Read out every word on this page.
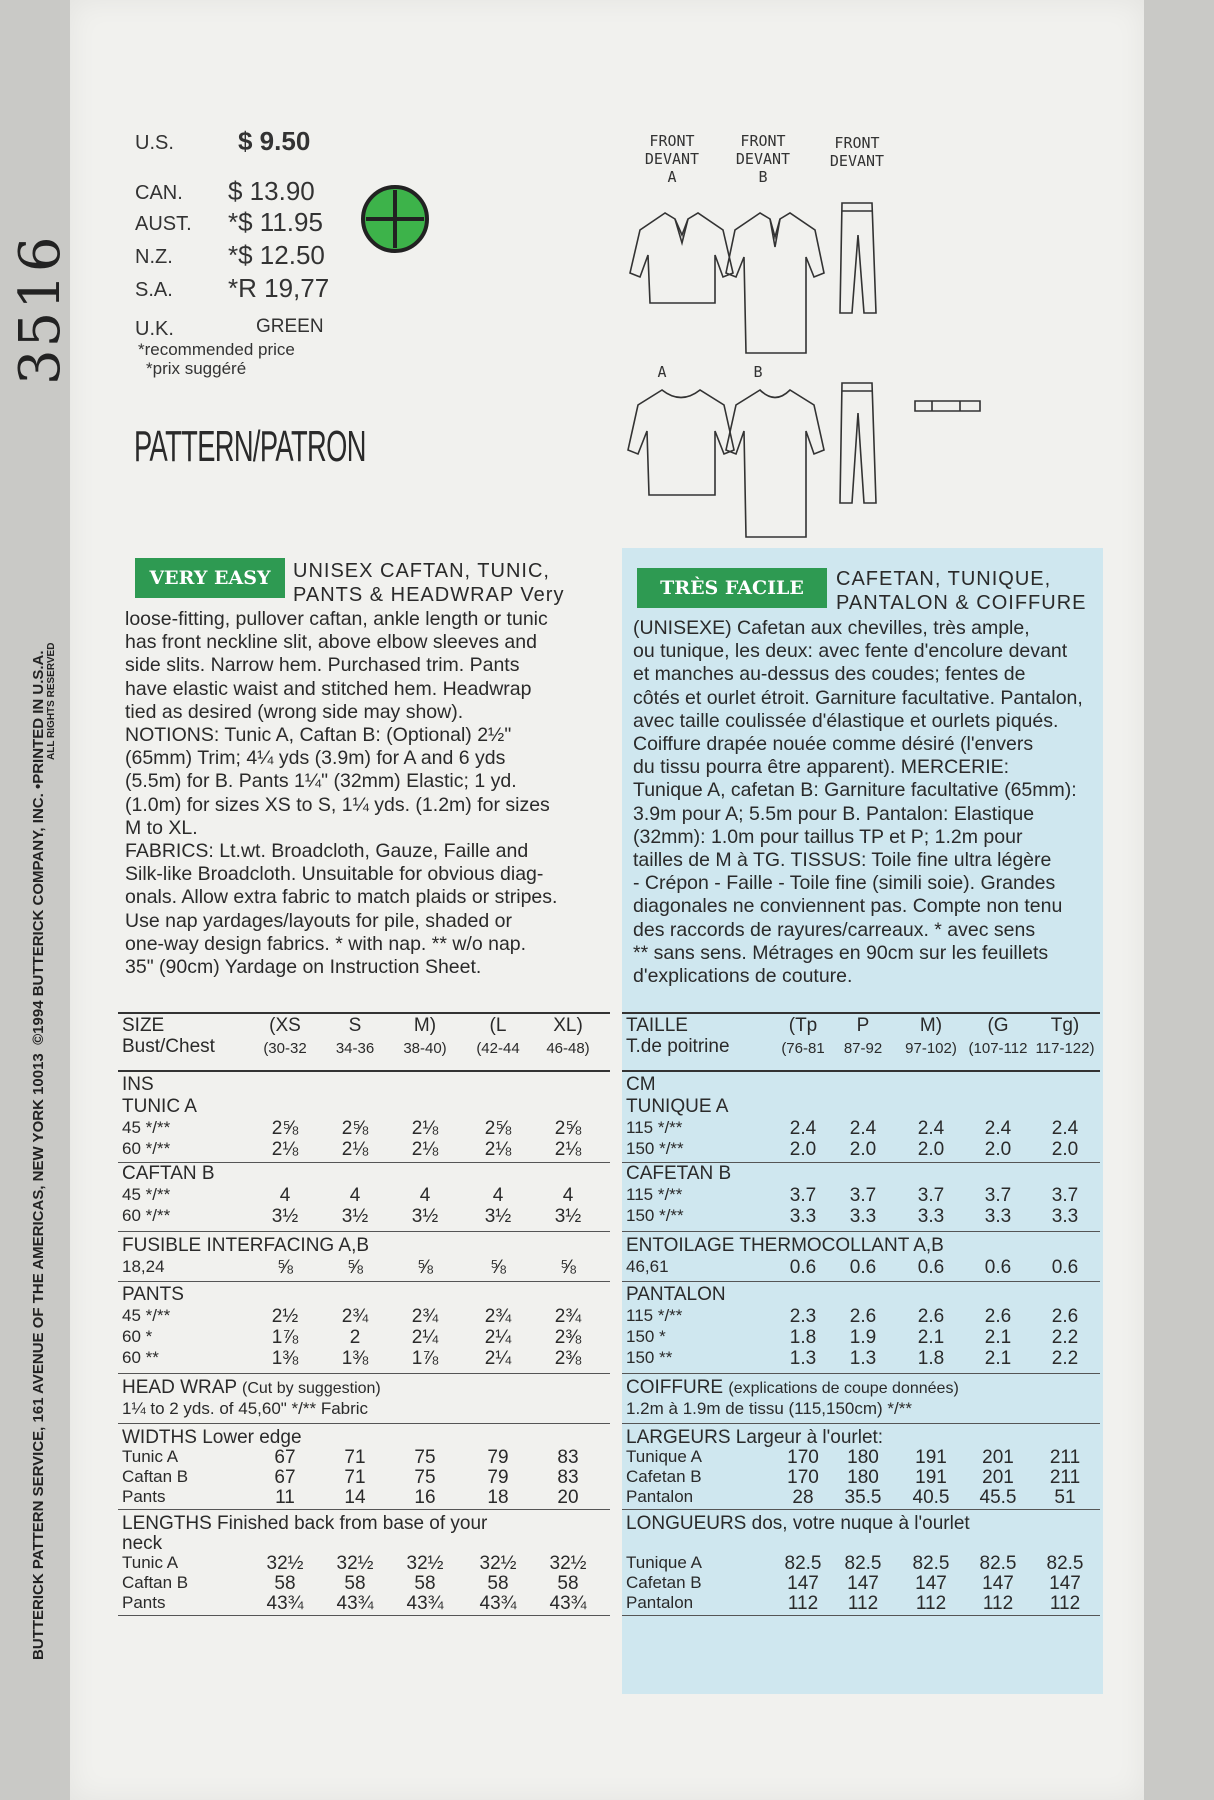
3516
BUTTERICK PATTERN SERVICE, 161 AVENUE OF THE AMERICAS, NEW YORK 10013  ©1994 BUTTERICK COMPANY, INC. •PRINTED IN U.S.A. ALL RIGHTS RESERVED
U.S. $ 9.50
CAN. $ 13.90
AUST. *$ 11.95
N.Z. *$ 12.50
S.A. *R 19,77
U.K.	GREEN
*recommended price
*prix suggéré
PATTERN/PATRON
FRONT
DEVANT
A
FRONT
DEVANT
B
FRONT
DEVANT
A	B
VERY EASY	UNISEX CAFTAN, TUNIC,
PANTS & HEADWRAP Very
loose-fitting, pullover caftan, ankle length or tunic
has front neckline slit, above elbow sleeves and
side slits. Narrow hem. Purchased trim. Pants
have elastic waist and stitched hem. Headwrap
tied as desired (wrong side may show).
NOTIONS: Tunic A, Caftan B: (Optional) 2½"
(65mm) Trim; 4¼ yds (3.9m) for A and 6 yds
(5.5m) for B. Pants 1¼" (32mm) Elastic; 1 yd.
(1.0m) for sizes XS to S, 1¼ yds. (1.2m) for sizes
M to XL.
FABRICS: Lt.wt. Broadcloth, Gauze, Faille and
Silk-like Broadcloth. Unsuitable for obvious diag-
onals. Allow extra fabric to match plaids or stripes.
Use nap yardages/layouts for pile, shaded or
one-way design fabrics. * with nap. ** w/o nap.
35" (90cm) Yardage on Instruction Sheet.
TRÈS FACILE	CAFETAN, TUNIQUE,
PANTALON & COIFFURE
(UNISEXE) Cafetan aux chevilles, très ample,
ou tunique, les deux: avec fente d'encolure devant
et manches au-dessus des coudes; fentes de
côtés et ourlet étroit. Garniture facultative. Pantalon,
avec taille coulissée d'élastique et ourlets piqués.
Coiffure drapée nouée comme désiré (l'envers
du tissu pourra être apparent). MERCERIE:
Tunique A, cafetan B: Garniture facultative (65mm):
3.9m pour A; 5.5m pour B. Pantalon: Elastique
(32mm): 1.0m pour taillus TP et P; 1.2m pour
tailles de M à TG. TISSUS: Toile fine ultra légère
- Crépon - Faille - Toile fine (simili soie). Grandes
diagonales ne conviennent pas. Compte non tenu
des raccords de rayures/carreaux. * avec sens
** sans sens. Métrages en 90cm sur les feuillets
d'explications de couture.
SIZE
Bust/Chest
(XS	S	M)	(L	XL)
(30-32	34-36	38-40)	(42-44	46-48)
INS
TUNIC A
45 */**	2⅝	2⅝	2⅛	2⅝	2⅝
60 */**	2⅛	2⅛	2⅛	2⅛	2⅛
CAFTAN B
45 */**	4	4	4	4	4
60 */**	3½	3½	3½	3½	3½
FUSIBLE INTERFACING A,B
18,24	⅝	⅝	⅝	⅝	⅝
PANTS
45 */**	2½	2¾	2¾	2¾	2¾
60 *	1⅞	2	2¼	2¼	2⅜
60 **	1⅜	1⅜	1⅞	2¼	2⅜
HEAD WRAP (Cut by suggestion)
1¼ to 2 yds. of 45,60" */** Fabric
WIDTHS Lower edge
Tunic A	67	71	75	79	83
Caftan B	67	71	75	79	83
Pants	11	14	16	18	20
LENGTHS Finished back from base of your
neck
Tunic A	32½	32½	32½	32½	32½
Caftan B	58	58	58	58	58
Pants	43¾	43¾	43¾	43¾	43¾
TAILLE
T.de poitrine
(Tp	P	M)	(G	Tg)
(76-81	87-92	97-102) (107-112 117-122)
CM
TUNIQUE A
115 */**	2.4	2.4	2.4	2.4	2.4
150 */**	2.0	2.0	2.0	2.0	2.0
CAFETAN B
115 */**	3.7	3.7	3.7	3.7	3.7
150 */**	3.3	3.3	3.3	3.3	3.3
ENTOILAGE THERMOCOLLANT A,B
46,61	0.6	0.6	0.6	0.6	0.6
PANTALON
115 */**	2.3	2.6	2.6	2.6	2.6
150 *	1.8	1.9	2.1	2.1	2.2
150 **	1.3	1.3	1.8	2.1	2.2
COIFFURE (explications de coupe données)
1.2m à 1.9m de tissu (115,150cm) */**
LARGEURS Largeur à l'ourlet:
Tunique A	170	180	191	201	211
Cafetan B	170	180	191	201	211
Pantalon	28	35.5	40.5	45.5	51
LONGUEURS dos, votre nuque à l'ourlet
Tunique A	82.5	82.5	82.5	82.5	82.5
Cafetan B	147	147	147	147	147
Pantalon	112	112	112	112	112
